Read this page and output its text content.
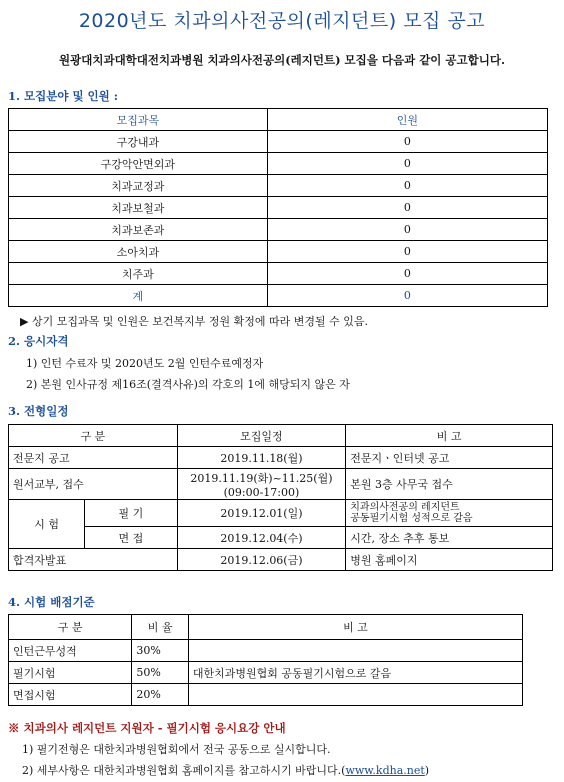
2020년도 치과의사전공의(레지던트) 모집 공고
원광대치과대학대전치과병원 치과의사전공의(레지던트) 모집을 다음과 같이 공고합니다.
1. 모집분야 및 인원 :
모집과목	인원
구강내과	0
구강악안면외과	0
치과교정과	0
치과보철과	0
치과보존과	0
소아치과	0
치주과	0
계	0
▶ 상기 모집과목 및 인원은 보건복지부 정원 확정에 따라 변경될 수 있음.
2. 응시자격
1) 인턴 수료자 및 2020년도 2월 인턴수료예정자
2) 본원 인사규정 제16조(결격사유)의 각호의 1에 해당되지 않은 자
3. 전형일정
구 분		모집일정	비 고
전문지 공고		2019.11.18(월)	전문지ㆍ인터넷 공고
원서교부, 접수		2019.11.19(화)~11.25(월)
(09:00-17:00)	본원 3층 사무국 접수
시 험	필 기	2019.12.01(일)	치과의사전공의 레지던트
공동필기시험 성적으로 갈음

	면 접	2019.12.04(수)	시간, 장소 추후 통보
합격자발표		2019.12.06(금)	병원 홈페이지
4. 시험 배점기준
구 분	비 율	비 고
인턴근무성적	30%	
필기시험	50%	대한치과병원협회 공동필기시험으로 갈음
면접시험	20%	
※ 치과의사 레지던트 지원자 - 필기시험 응시요강 안내
1) 필기전형은 대한치과병원협회에서 전국 공동으로 실시합니다.
2) 세부사항은 대한치과병원협회 홈페이지를 참고하시기 바랍니다.(www.kdha.net)
